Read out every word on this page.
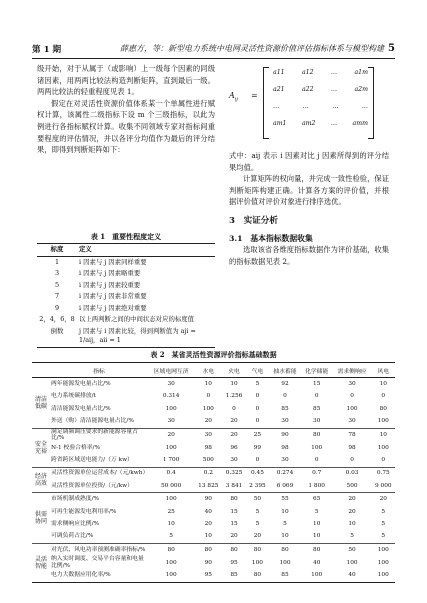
第 1 期	薛惠方，等：新型电力系统中电网灵活性资源价值评估指标体系与模型构建 5

级开始，对于从属于（或影响）上一级每个因素的同级诸因素，用两两比较法构造判断矩阵，直到最后一级。两两比较法的轻重程度见表 1。

假定在对灵活性资源价值体系某一个单属性进行赋权计算，该属性二级指标下设 m 个三级指标，以此为例进行各指标赋权计算。收集不同领域专家对指标间重要程度的评估情况，并以各评分均值作为最后的评分结果，即得到判断矩阵如下：

表 1　重要性程度定义
标度	定义
1	i 因素与 j 因素同样重要
3	i 因素与 j 因素略重要
5	i 因素与 j 因素较重要
7	i 因素与 j 因素非常重要
9	i 因素与 j 因素绝对重要
2，4，6，8	以上两判断之间的中间状态对应的标度值
倒数	j 因素与 i 因素比较，得到判断值为 aji = 1/aij，aii = 1
$A_{ij}$ =
a11	a12	…	a1m
a21	a22	…	a2m
…	…	…	…
am1 am2 … amm

式中：aij 表示 i 因素对比 j 因素所得到的评分结果均值。

计算矩阵的权向量，并完成一致性检验，保证判断矩阵构建正确。计算各方案的评价值，并根据评价值对评价对象进行排序选优。

3　实证分析

3.1　基本指标数据收集

选取该省各维度指标数据作为评价基础，收集的指标数据见表 2。

表 2　某省灵活性资源评价指标基础数据
	指标	区域电网互济	水电	火电	气电	抽水蓄能	化学储能	需求侧响应	风电
清洁低碳	两年能源发电量占比/%	30	10	10	5	92	15	30	10
	电力系统碳排放/t	0.314	0	1.256	0	0	0	0	0
	清洁能源发电量占比/%	100	100	0	0	85	85	100	80
	外送（购）清洁能源电量占比/%	30	20	20	0	30	30	30	100
安全充裕	满足调频调压要求的新能源容量占比/%	20	30	20	25	90	80	78	10
	N-1 校验合格率/%	100	98	96	99	98	100	98	100
	跨省跨区域送电能力/（万 kw）	1 700	500	30	0	30	0	0	0
经济高效	灵活性资源单位运营成本/（元/kwh）	0.4	0.2	0.325	0.45	0.274	0.7	0.03	0.75
	灵活性资源单位投资/（元/kw）	50 000	13 825	3 841	2 395	6 069	1 800	500	9 000
供需协同	市场机制成熟度/%	100	90	80	50	55	65	20	20
	可再生能源发电利用率/%	25	40	15	5	10	5	20	5
	需求侧响应比例/%	10	20	15	5	5	10	10	5
	可调负荷占比/%	5	10	20	20	10	10	5	5
灵活智能	对光伏、风电功率预测准确率指标/%	80	80	80	80	80	80	50	100
	纳入实时调度、交易平台容量和电量比例/%	100	90	95	100	100	40	100	100
	电力大数据应用化率/%	100	95	85	80	85	100	40	100
